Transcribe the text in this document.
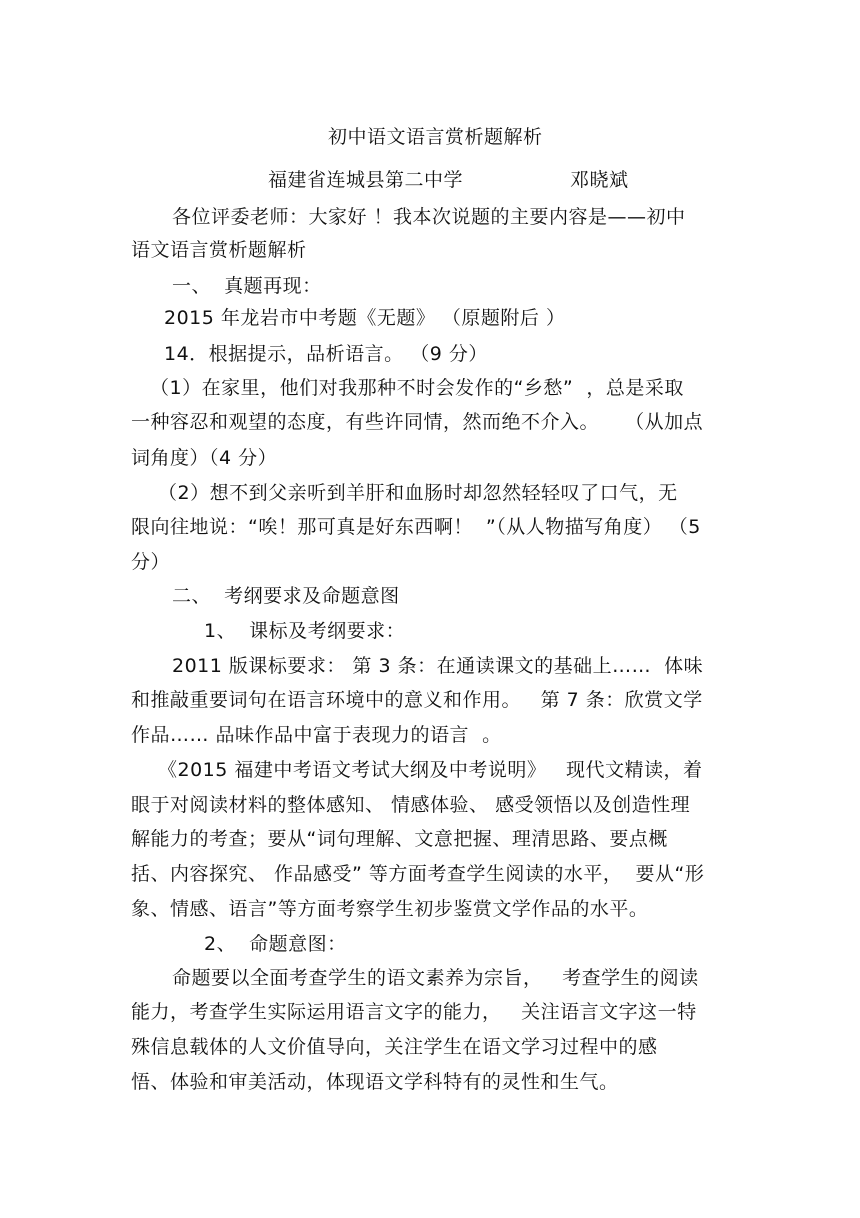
初中语文语言赏析题解析
福建省连城县第二中学	邓晓斌
各位评委老师：大家好 ！我本次说题的主要内容是——初中
语文语言赏析题解析
一、  真题再现：
2015 年龙岩市中考题《无题》 （原题附后 ）
14．根据提示，品析语言。 （9 分）
（1）在家里，他们对我那种不时会发作的“乡愁”  ，总是采取
一种容忍和观望的态度，有些许同情，然而绝不介入。    （从加点
词角度）（4 分）
（2）想不到父亲听到羊肝和血肠时却忽然轻轻叹了口气，无
限向往地说：“唉！那可真是好东西啊！  ”（从人物描写角度） （5
分）
二、  考纲要求及命题意图
1、  课标及考纲要求：
2011 版课标要求： 第 3 条：在通读课文的基础上……  体味
和推敲重要词句在语言环境中的意义和作用。   第 7 条：欣赏文学
作品…… 品味作品中富于表现力的语言  。
《2015 福建中考语文考试大纲及中考说明》   现代文精读，着
眼于对阅读材料的整体感知、 情感体验、 感受领悟以及创造性理
解能力的考查；要从“词句理解、文意把握、理清思路、要点概
括、内容探究、 作品感受” 等方面考查学生阅读的水平，  要从“形
象、情感、语言”等方面考察学生初步鉴赏文学作品的水平。
2、  命题意图：
命题要以全面考查学生的语文素养为宗旨，   考查学生的阅读
能力，考查学生实际运用语言文字的能力，   关注语言文字这一特
殊信息载体的人文价值导向，关注学生在语文学习过程中的感
悟、体验和审美活动，体现语文学科特有的灵性和生气。
